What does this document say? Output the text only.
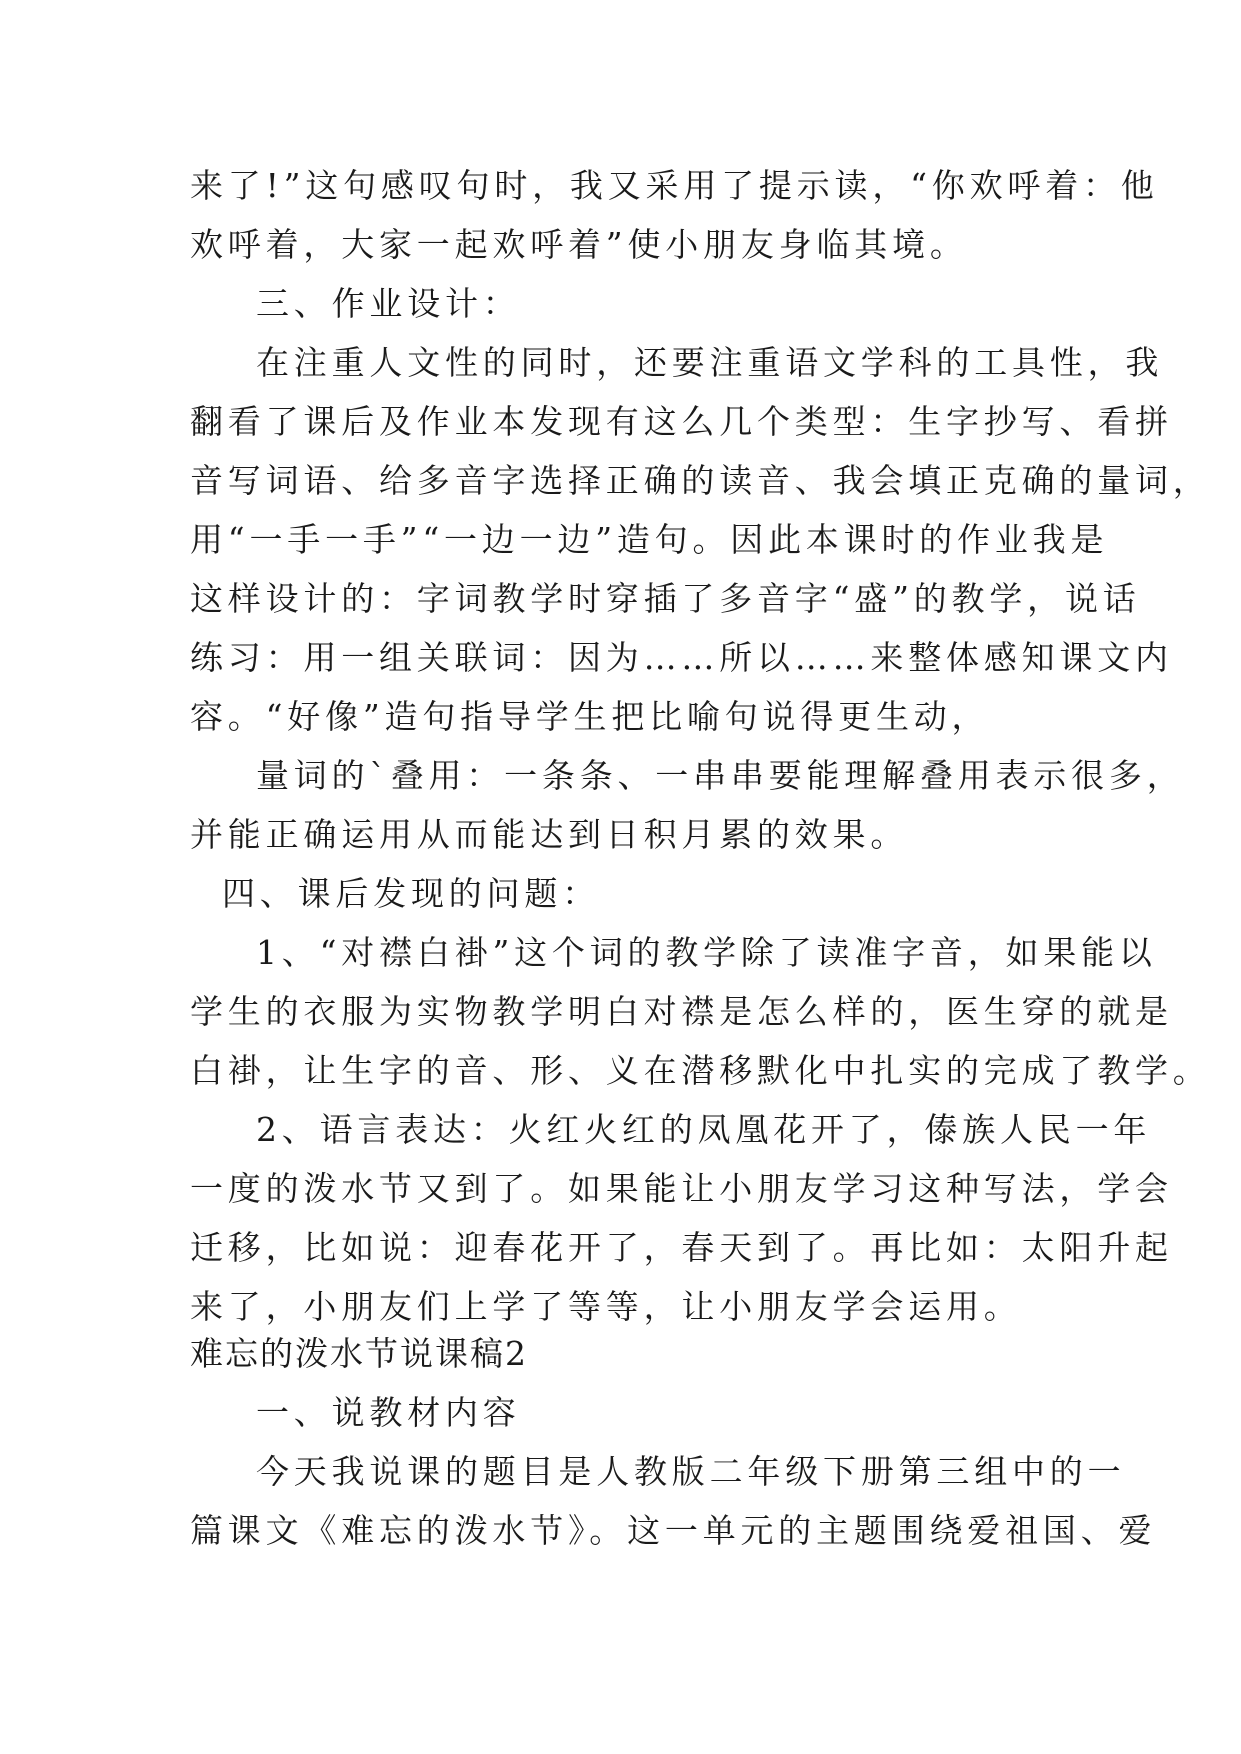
来了!”这句感叹句时，我又采用了提示读，“你欢呼着：他

欢呼着，大家一起欢呼着”使小朋友身临其境。

三、作业设计：

在注重人文性的同时，还要注重语文学科的工具性，我

翻看了课后及作业本发现有这么几个类型：生字抄写、看拼

音写词语、给多音字选择正确的读音、我会填正克确的量词，

用“一手一手”“一边一边”造句。因此本课时的作业我是

这样设计的：字词教学时穿插了多音字“盛”的教学，说话

练习：用一组关联词：因为……所以……来整体感知课文内

容。“好像”造句指导学生把比喻句说得更生动，

量词的`叠用：一条条、一串串要能理解叠用表示很多，

并能正确运用从而能达到日积月累的效果。

四、课后发现的问题：

1、“对襟白褂”这个词的教学除了读准字音，如果能以

学生的衣服为实物教学明白对襟是怎么样的，医生穿的就是

白褂，让生字的音、形、义在潜移默化中扎实的完成了教学。

2、语言表达：火红火红的凤凰花开了，傣族人民一年

一度的泼水节又到了。如果能让小朋友学习这种写法，学会

迁移，比如说：迎春花开了，春天到了。再比如：太阳升起

来了，小朋友们上学了等等，让小朋友学会运用。

难忘的泼水节说课稿2

一、说教材内容

今天我说课的题目是人教版二年级下册第三组中的一

篇课文《难忘的泼水节》。这一单元的主题围绕爱祖国、爱
